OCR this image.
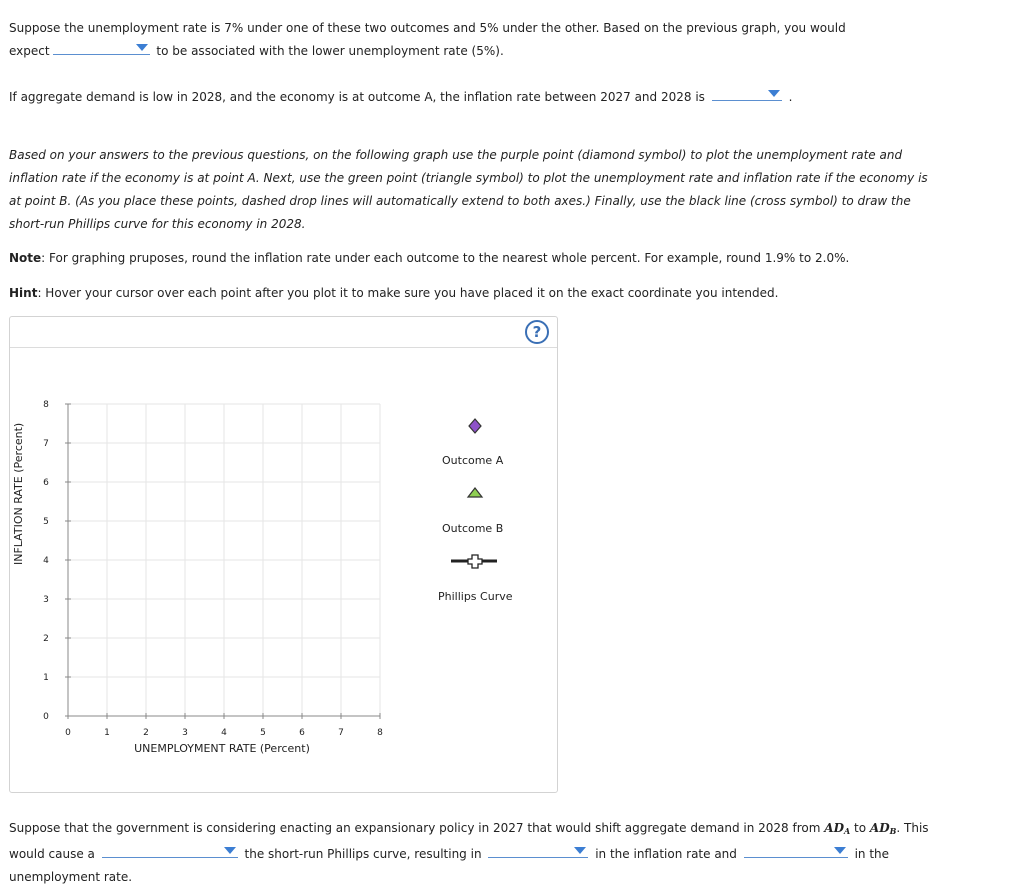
Suppose the unemployment rate is 7% under one of these two outcomes and 5% under the other. Based on the previous graph, you would
expect	to be associated with the lower unemployment rate (5%).

If aggregate demand is low in 2028, and the economy is at outcome A, the inflation rate between 2027 and 2028 is	.

Based on your answers to the previous questions, on the following graph use the purple point (diamond symbol) to plot the unemployment rate and
inflation rate if the economy is at point A. Next, use the green point (triangle symbol) to plot the unemployment rate and inflation rate if the economy is
at point B. (As you place these points, dashed drop lines will automatically extend to both axes.) Finally, use the black line (cross symbol) to draw the
short-run Phillips curve for this economy in 2028.

Note: For graphing pruposes, round the inflation rate under each outcome to the nearest whole percent. For example, round 1.9% to 2.0%.

Hint: Hover your cursor over each point after you plot it to make sure you have placed it on the exact coordinate you intended.

?
INFLATION RATE (Percent)
0	1	2	3	4	5	6	7	8
0
1
2
3
4
5
6
7
8
UNEMPLOYMENT RATE (Percent)
Outcome A
Outcome B
Phillips Curve

Suppose that the government is considering enacting an expansionary policy in 2027 that would shift aggregate demand in 2028 from $AD_A$ to $AD_B$. This
would cause a	the short-run Phillips curve, resulting in	in the inflation rate and	in the
unemployment rate.
